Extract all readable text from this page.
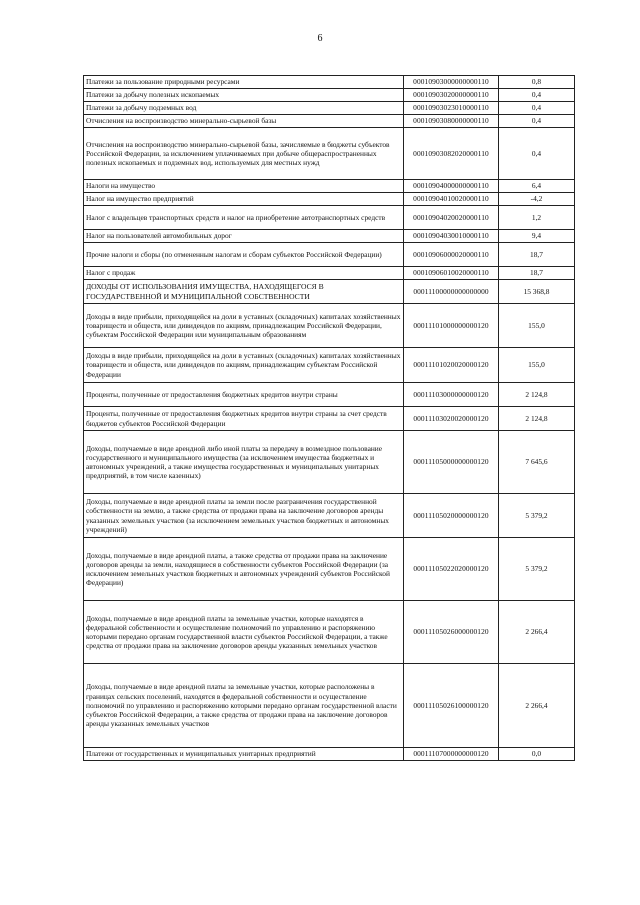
6
Платежи за пользование природными ресурсами	00010903000000000110	0,8
Платежи за добычу полезных ископаемых	00010903020000000110	0,4
Платежи за добычу подземных вод	00010903023010000110	0,4
Отчисления на воспроизводство минерально-сырьевой базы	00010903080000000110	0,4
Отчисления на воспроизводство минерально-сырьевой базы, зачисляемые в бюджеты субъектов Российской Федерации, за исключением уплачиваемых при добыче общераспространенных полезных ископаемых и подземных вод, используемых для местных нужд	00010903082020000110	0,4
Налоги на имущество	00010904000000000110	6,4
Налог на имущество предприятий	00010904010020000110	-4,2
Налог с владельцев транспортных средств и налог на приобретение автотранспортных средств	00010904020020000110	1,2
Налог на пользователей автомобильных дорог	00010904030010000110	9,4
Прочие налоги и сборы (по отмененным налогам и сборам субъектов Российской Федерации)	00010906000020000110	18,7
Налог с продаж	00010906010020000110	18,7
ДОХОДЫ ОТ ИСПОЛЬЗОВАНИЯ ИМУЩЕСТВА, НАХОДЯЩЕГОСЯ В ГОСУДАРСТВЕННОЙ И МУНИЦИПАЛЬНОЙ СОБСТВЕННОСТИ	00011100000000000000	15 368,8
Доходы в виде прибыли, приходящейся на доли в уставных (складочных) капиталах хозяйственных товариществ и обществ, или дивидендов по акциям, принадлежащим Российской Федерации, субъектам Российской Федерации или муниципальным образованиям	00011101000000000120	155,0
Доходы в виде прибыли, приходящейся на доли в уставных (складочных) капиталах хозяйственных товариществ и обществ, или дивидендов по акциям, принадлежащим субъектам Российской Федерации	00011101020020000120	155,0
Проценты, полученные от предоставления бюджетных кредитов внутри страны	00011103000000000120	2 124,8
Проценты, полученные от предоставления бюджетных кредитов внутри страны за счет средств бюджетов субъектов Российской Федерации	00011103020020000120	2 124,8
Доходы, получаемые в виде арендной либо иной платы за передачу в возмездное пользование государственного и муниципального имущества (за исключением имущества бюджетных и автономных учреждений, а также имущества государственных и муниципальных унитарных предприятий, в том числе казенных)	00011105000000000120	7 645,6
Доходы, получаемые в виде арендной платы за земли после разграничения государственной собственности на землю, а также средства от продажи права на заключение договоров аренды указанных земельных участков (за исключением земельных участков бюджетных и автономных учреждений)	00011105020000000120	5 379,2
Доходы, получаемые в виде арендной платы, а также средства от продажи права на заключение договоров аренды за земли, находящиеся в собственности субъектов Российской Федерации (за исключением земельных участков бюджетных и автономных учреждений субъектов Российской Федерации)	00011105022020000120	5 379,2
Доходы, получаемые в виде арендной платы за земельные участки, которые находятся в федеральной собственности и осуществление полномочий по управлению и распоряжению которыми передано органам государственной власти субъектов Российской Федерации, а также средства от продажи права на заключение договоров аренды указанных земельных участков	00011105026000000120	2 266,4
Доходы, получаемые в виде арендной платы за земельные участки, которые расположены в границах сельских поселений, находятся в федеральной собственности и осуществление полномочий по управлению и распоряжению которыми передано органам государственной власти субъектов Российской Федерации, а также средства от продажи права на заключение договоров аренды указанных земельных участков	00011105026100000120	2 266,4
Платежи от государственных и муниципальных унитарных предприятий	00011107000000000120	0,0
